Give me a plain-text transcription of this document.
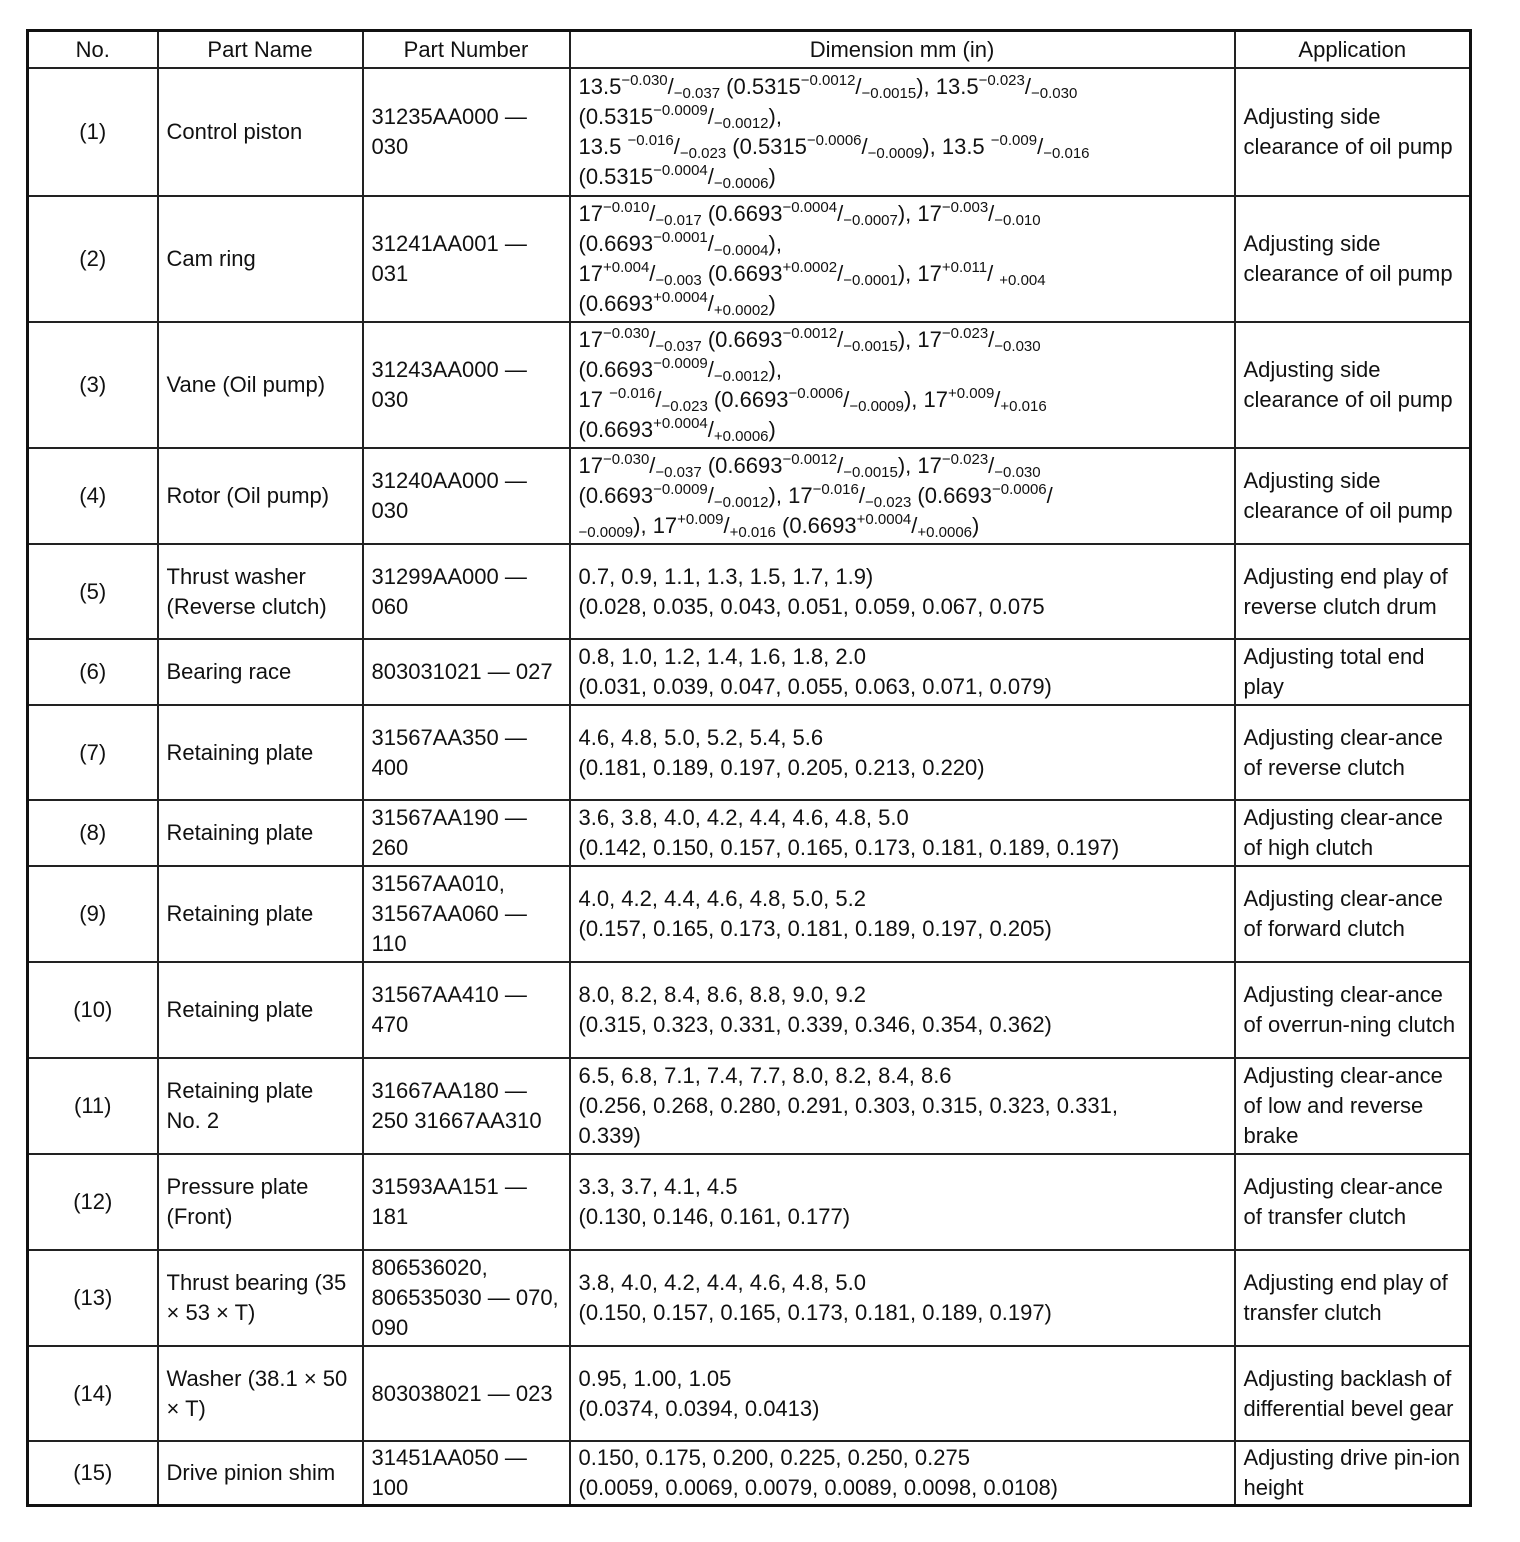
No.	Part Name	Part Number	Dimension mm (in)	Application
(1)	Control piston	31235AA000 — 030	$13.5^{-0.030}/_{-0.037}$ $(0.5315^{-0.0012}/_{-0.0015})$, $13.5^{-0.023}/_{-0.030}$
$(0.5315^{-0.0009}/_{-0.0012})$,
13.5 $^{-0.016}/_{-0.023}$ $(0.5315^{-0.0006}/_{-0.0009})$, 13.5 $^{-0.009}/_{-0.016}$
$(0.5315^{-0.0004}/_{-0.0006})$	Adjusting side clearance of oil pump
(2)	Cam ring	31241AA001 — 031	$17^{-0.010}/_{-0.017}$ $(0.6693^{-0.0004}/_{-0.0007})$, $17^{-0.003}/_{-0.010}$
$(0.6693^{-0.0001}/_{-0.0004})$,
$17^{+0.004}/_{-0.003}$ $(0.6693^{+0.0002}/_{-0.0001})$, $17^{+0.011}/$ $_{+0.004}$
$(0.6693^{+0.0004}/_{+0.0002})$	Adjusting side clearance of oil pump
(3)	Vane (Oil pump)	31243AA000 — 030	$17^{-0.030}/_{-0.037}$ $(0.6693^{-0.0012}/_{-0.0015})$, $17^{-0.023}/_{-0.030}$
$(0.6693^{-0.0009}/_{-0.0012})$,
17 $^{-0.016}/_{-0.023}$ $(0.6693^{-0.0006}/_{-0.0009})$, $17^{+0.009}/_{+0.016}$
$(0.6693^{+0.0004}/_{+0.0006})$	Adjusting side clearance of oil pump
(4)	Rotor (Oil pump)	31240AA000 — 030	$17^{-0.030}/_{-0.037}$ $(0.6693^{-0.0012}/_{-0.0015})$, $17^{-0.023}/_{-0.030}$
$(0.6693^{-0.0009}/_{-0.0012})$, $17^{-0.016}/_{-0.023}$ ($0.6693^{-0.0006}/$
$_{-0.0009}$), $17^{+0.009}/_{+0.016}$ $(0.6693^{+0.0004}/_{+0.0006})$	Adjusting side clearance of oil pump
(5)	Thrust washer (Reverse clutch)	31299AA000 — 060	0.7, 0.9, 1.1, 1.3, 1.5, 1.7, 1.9)
(0.028, 0.035, 0.043, 0.051, 0.059, 0.067, 0.075	Adjusting end play of reverse clutch drum
(6)	Bearing race	803031021 — 027	0.8, 1.0, 1.2, 1.4, 1.6, 1.8, 2.0
(0.031, 0.039, 0.047, 0.055, 0.063, 0.071, 0.079)	Adjusting total end play
(7)	Retaining plate	31567AA350 — 400	4.6, 4.8, 5.0, 5.2, 5.4, 5.6
(0.181, 0.189, 0.197, 0.205, 0.213, 0.220)	Adjusting clear-ance of reverse clutch
(8)	Retaining plate	31567AA190 — 260	3.6, 3.8, 4.0, 4.2, 4.4, 4.6, 4.8, 5.0
(0.142, 0.150, 0.157, 0.165, 0.173, 0.181, 0.189, 0.197)	Adjusting clear-ance of high clutch
(9)	Retaining plate	31567AA010, 31567AA060 — 110	4.0, 4.2, 4.4, 4.6, 4.8, 5.0, 5.2
(0.157, 0.165, 0.173, 0.181, 0.189, 0.197, 0.205)	Adjusting clear-ance of forward clutch
(10)	Retaining plate	31567AA410 — 470	8.0, 8.2, 8.4, 8.6, 8.8, 9.0, 9.2
(0.315, 0.323, 0.331, 0.339, 0.346, 0.354, 0.362)	Adjusting clear-ance of overrun-ning clutch
(11)	Retaining plate No. 2	31667AA180 — 250 31667AA310	6.5, 6.8, 7.1, 7.4, 7.7, 8.0, 8.2, 8.4, 8.6
(0.256, 0.268, 0.280, 0.291, 0.303, 0.315, 0.323, 0.331,
0.339)	Adjusting clear-ance of low and reverse brake
(12)	Pressure plate (Front)	31593AA151 — 181	3.3, 3.7, 4.1, 4.5
(0.130, 0.146, 0.161, 0.177)	Adjusting clear-ance of transfer clutch
(13)	Thrust bearing (35 × 53 × T)	806536020, 806535030 — 070, 090	3.8, 4.0, 4.2, 4.4, 4.6, 4.8, 5.0
(0.150, 0.157, 0.165, 0.173, 0.181, 0.189, 0.197)	Adjusting end play of transfer clutch
(14)	Washer (38.1 × 50 × T)	803038021 — 023	0.95, 1.00, 1.05
(0.0374, 0.0394, 0.0413)	Adjusting backlash of differential bevel gear
(15)	Drive pinion shim	31451AA050 — 100	0.150, 0.175, 0.200, 0.225, 0.250, 0.275
(0.0059, 0.0069, 0.0079, 0.0089, 0.0098, 0.0108)	Adjusting drive pin-ion height
